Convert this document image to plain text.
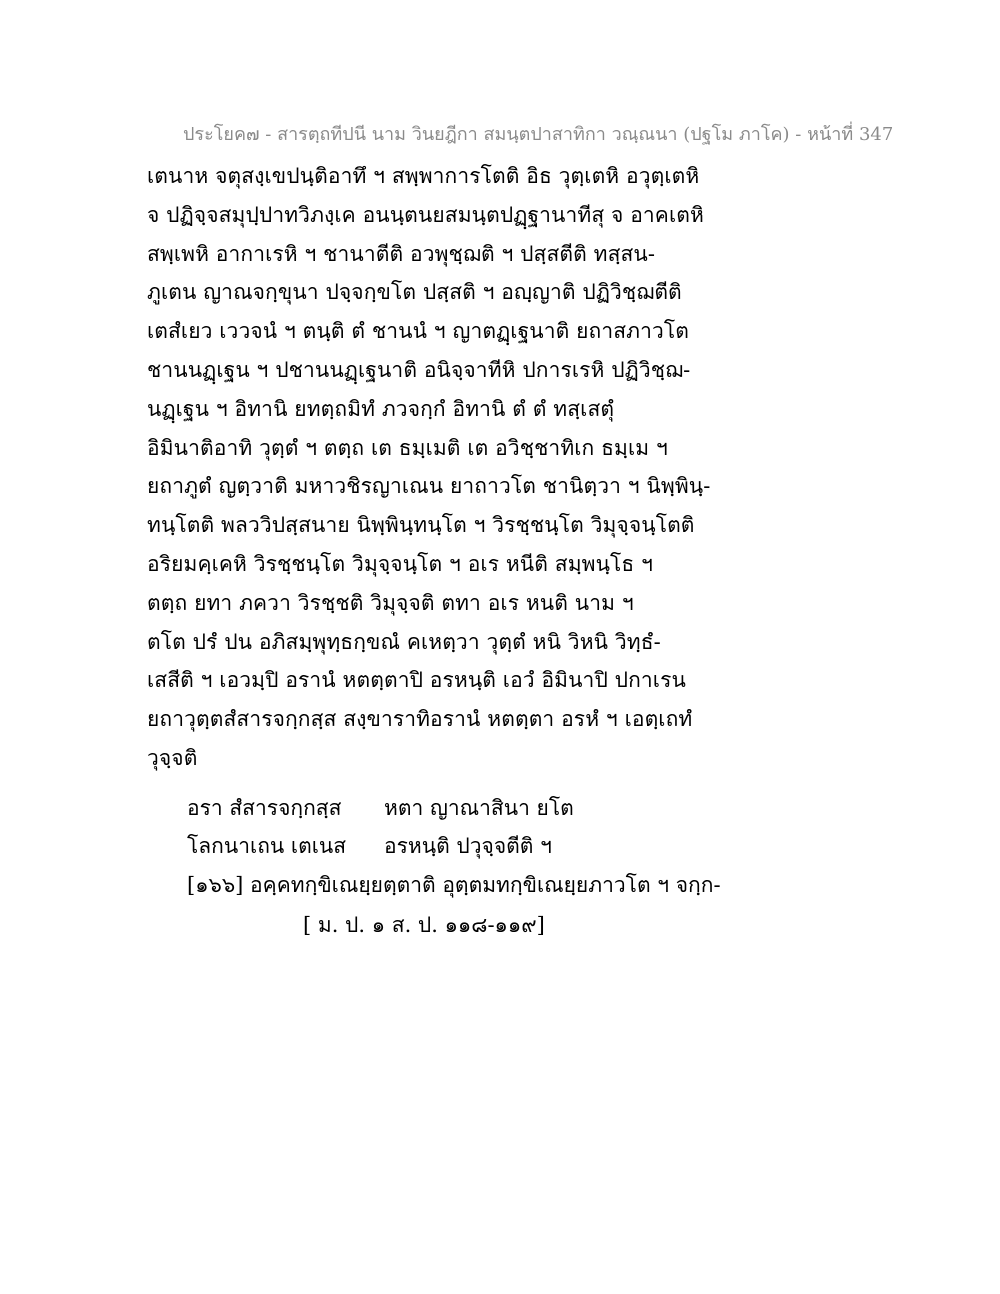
ประโยค๗ - สารตฺถทีปนี นาม วินยฎีกา สมนฺตปาสาทิกา วณฺณนา (ปฐโม ภาโค) - หน้าที่ 347
เตนาห จตุสงฺเขปนฺติอาทึ ฯ สพฺพาการโตติ อิธ วุตฺเตหิ อวุตฺเตหิ
จ ปฏิจฺจสมุปฺปาทวิภงฺเค อนนฺตนยสมนฺตปฏฺฐานาทีสุ จ อาคเตหิ
สพฺเพหิ อากาเรหิ ฯ ชานาตีติ อวพุชฺฌติ ฯ ปสฺสตีติ ทสฺสน-
ภูเตน ญาณจกฺขุนา ปจฺจกฺขโต ปสฺสติ ฯ อญฺญาติ ปฏิวิชฺฌตีติ
เตสํเยว เววจนํ ฯ ตนฺติ ตํ ชานนํ ฯ ญาตฏฺเฐนาติ ยถาสภาวโต
ชานนฏฺเฐน ฯ ปชานนฏฺเฐนาติ อนิจฺจาทีหิ ปการเรหิ ปฏิวิชฺฌ-
นฏฺเฐน ฯ อิทานิ ยทตฺถมิทํ ภวจกฺกํ อิทานิ ตํ ตํ ทสฺเสตุํ
อิมินาติอาทิ วุตฺตํ ฯ ตตฺถ เต ธมฺเมติ เต อวิชฺชาทิเก ธมฺเม ฯ
ยถาภูตํ ญตฺวาติ มหาวชิรญาเณน ยาถาวโต ชานิตฺวา ฯ นิพฺพินฺ-
ทนฺโตติ พลววิปสฺสนาย นิพฺพินฺทนฺโต ฯ วิรชฺชนฺโต วิมุจฺจนฺโตติ
อริยมคฺเคหิ วิรชฺชนฺโต วิมุจฺจนฺโต ฯ อเร หนีติ สมฺพนฺโธ ฯ
ตตฺถ ยทา ภควา วิรชฺชติ วิมุจฺจติ ตทา อเร หนติ นาม ฯ
ตโต ปรํ ปน อภิสมฺพุทฺธกฺขณํ คเหตฺวา วุตฺตํ หนิ วิหนิ วิทฺธํ-
เสสีติ ฯ เอวมฺปิ อรานํ หตตฺตาปิ อรหนฺติ เอวํ อิมินาปิ ปกาเรน
ยถาวุตฺตสํสารจกฺกสฺส สงฺขาราทิอรานํ หตตฺตา อรหํ ฯ เอตฺเถทํ
วุจฺจติ
อรา สํสารจกฺกสฺส	หตา ญาณาสินา ยโต
โลกนาเถน เตเนส	อรหนฺติ ปวุจฺจตีติ ฯ
[๑๖๖] อคฺคทกฺขิเณยฺยตฺตาติ อุตฺตมทกฺขิเณยฺยภาวโต ฯ จกฺก-
[ ม. ป. ๑ ส. ป. ๑๑๘-๑๑๙]
